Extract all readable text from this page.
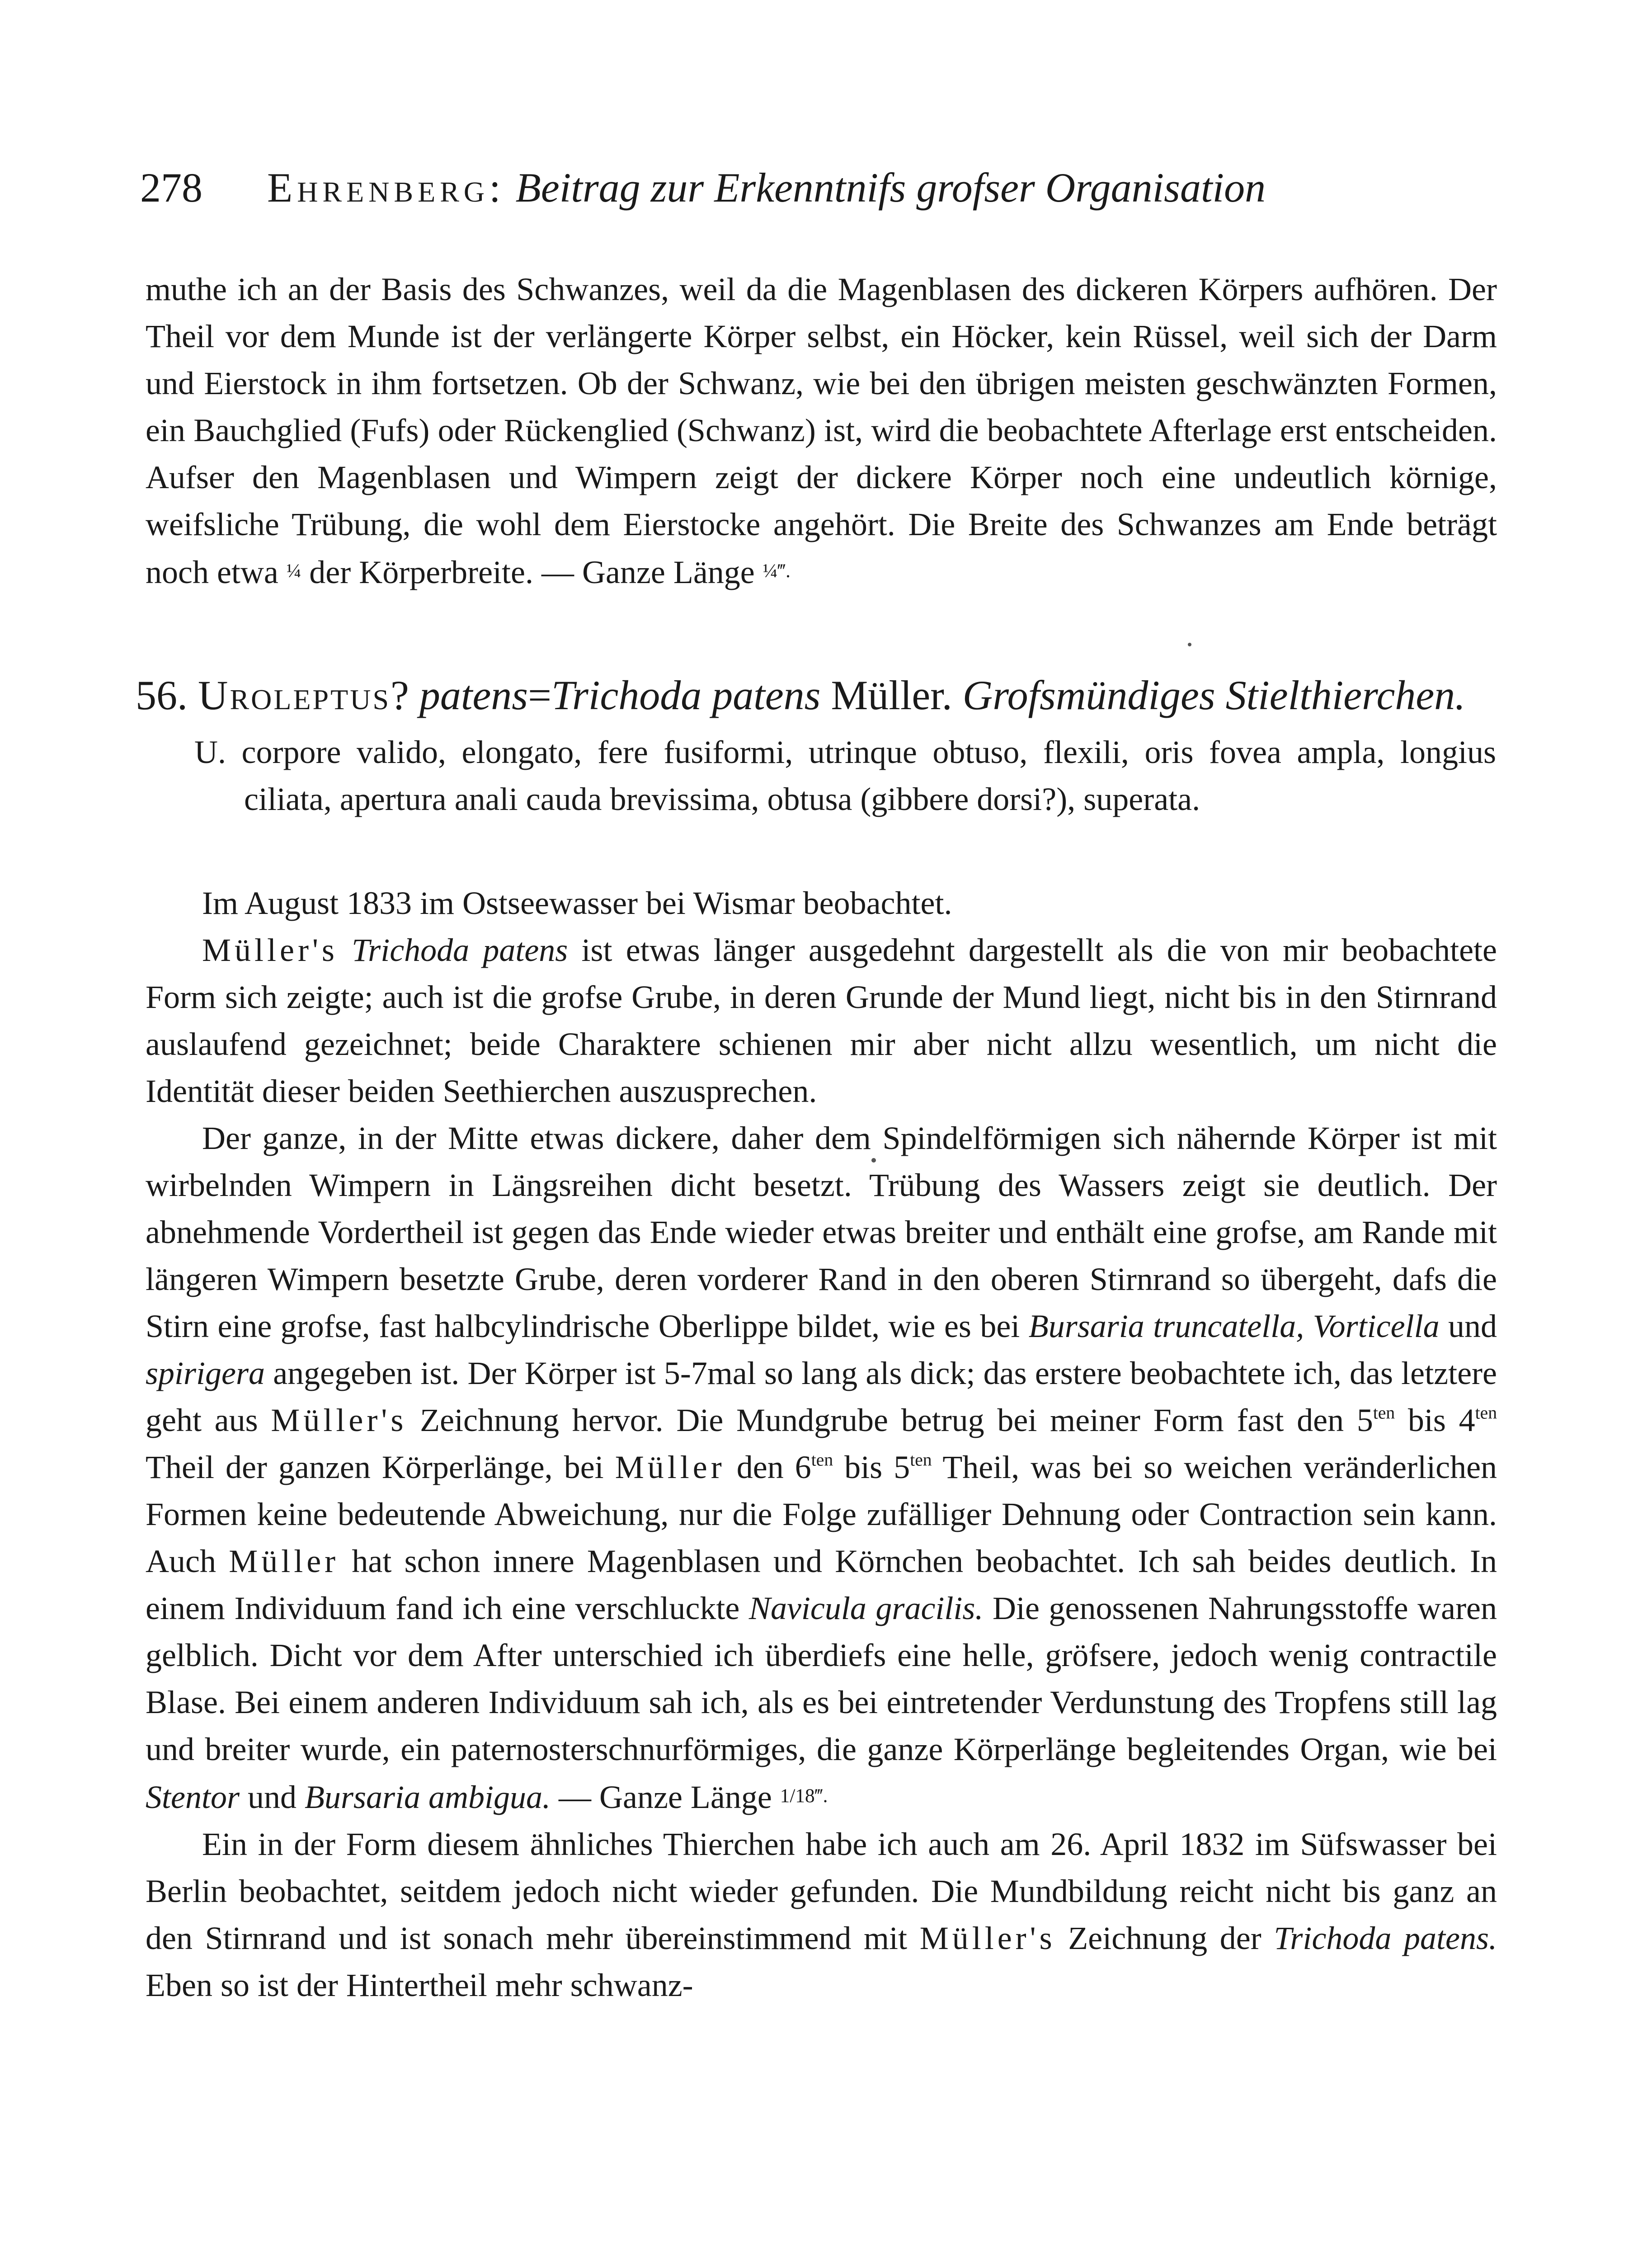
278 Ehrenberg: Beitrag zur Erkenntnifs grofser Organisation

muthe ich an der Basis des Schwanzes, weil da die Magenblasen des dickeren Körpers aufhören. Der Theil vor dem Munde ist der verlängerte Körper selbst, ein Höcker, kein Rüssel, weil sich der Darm und Eierstock in ihm fortsetzen. Ob der Schwanz, wie bei den übrigen meisten geschwänzten Formen, ein Bauchglied (Fufs) oder Rückenglied (Schwanz) ist, wird die beobachtete Afterlage erst entscheiden. Aufser den Magenblasen und Wimpern zeigt der dickere Körper noch eine undeutlich körnige, weifsliche Trübung, die wohl dem Eierstocke angehört. Die Breite des Schwanzes am Ende beträgt noch etwa ¼ der Körperbreite. — Ganze Länge ¼‴.

56. Uroleptus? patens=Trichoda patens Müller. Grofsmündiges Stielthierchen.

U. corpore valido, elongato, fere fusiformi, utrinque obtuso, flexili, oris fovea ampla, longius ciliata, apertura anali cauda brevissima, obtusa (gibbere dorsi?), superata.

Im August 1833 im Ostseewasser bei Wismar beobachtet.

Müller's Trichoda patens ist etwas länger ausgedehnt dargestellt als die von mir beobachtete Form sich zeigte; auch ist die grofse Grube, in deren Grunde der Mund liegt, nicht bis in den Stirnrand auslaufend gezeichnet; beide Charaktere schienen mir aber nicht allzu wesentlich, um nicht die Identität dieser beiden Seethierchen auszusprechen.

Der ganze, in der Mitte etwas dickere, daher dem Spindelförmigen sich nähernde Körper ist mit wirbelnden Wimpern in Längsreihen dicht besetzt. Trübung des Wassers zeigt sie deutlich. Der abnehmende Vordertheil ist gegen das Ende wieder etwas breiter und enthält eine grofse, am Rande mit längeren Wimpern besetzte Grube, deren vorderer Rand in den oberen Stirnrand so übergeht, dafs die Stirn eine grofse, fast halbcylindrische Oberlippe bildet, wie es bei Bursaria truncatella, Vorticella und spirigera angegeben ist. Der Körper ist 5-7mal so lang als dick; das erstere beobachtete ich, das letztere geht aus Müller's Zeichnung hervor. Die Mundgrube betrug bei meiner Form fast den $5^{ten}$ bis $4^{ten}$ Theil der ganzen Körperlänge, bei Müller den $6^{ten}$ bis $5^{ten}$ Theil, was bei so weichen veränderlichen Formen keine bedeutende Abweichung, nur die Folge zufälliger Dehnung oder Contraction sein kann. Auch Müller hat schon innere Magenblasen und Körnchen beobachtet. Ich sah beides deutlich. In einem Individuum fand ich eine verschluckte Navicula gracilis. Die genossenen Nahrungsstoffe waren gelblich. Dicht vor dem After unterschied ich überdiefs eine helle, gröfsere, jedoch wenig contractile Blase. Bei einem anderen Individuum sah ich, als es bei eintretender Verdunstung des Tropfens still lag und breiter wurde, ein paternosterschnurförmiges, die ganze Körperlänge begleitendes Organ, wie bei Stentor und Bursaria ambigua. — Ganze Länge 1/18‴.

Ein in der Form diesem ähnliches Thierchen habe ich auch am 26. April 1832 im Süfswasser bei Berlin beobachtet, seitdem jedoch nicht wieder gefunden. Die Mundbildung reicht nicht bis ganz an den Stirnrand und ist sonach mehr übereinstimmend mit Müller's Zeichnung der Trichoda patens. Eben so ist der Hintertheil mehr schwanz-
